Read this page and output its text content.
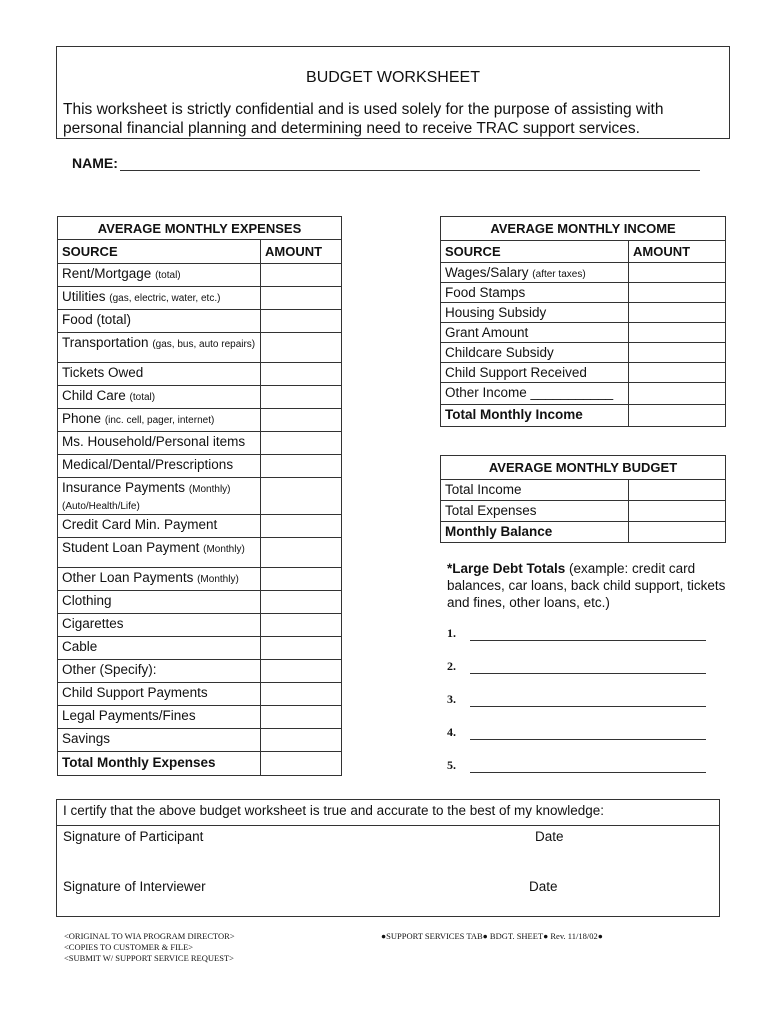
BUDGET WORKSHEET
This worksheet is strictly confidential and is used solely for the purpose of assisting with personal financial planning and determining need to receive TRAC support services.
NAME:
AVERAGE MONTHLY EXPENSES	
SOURCE	AMOUNT
Rent/Mortgage (total)	
Utilities (gas, electric, water, etc.)	
Food (total)	
Transportation (gas, bus, auto repairs)	
Tickets Owed	
Child Care (total)	
Phone (inc. cell, pager, internet)	
Ms. Household/Personal items	
Medical/Dental/Prescriptions	
Insurance Payments (Monthly) (Auto/Health/Life)	
Credit Card Min. Payment	
Student Loan Payment (Monthly)	
Other Loan Payments (Monthly)	
Clothing	
Cigarettes	
Cable	
Other (Specify):	
Child Support Payments	
Legal Payments/Fines	
Savings	
Total Monthly Expenses	
AVERAGE MONTHLY INCOME	
SOURCE	AMOUNT
Wages/Salary (after taxes)	
Food Stamps	
Housing Subsidy	
Grant Amount	
Childcare Subsidy	
Child Support Received	
Other Income ___________	
Total Monthly Income	
AVERAGE MONTHLY BUDGET	
Total Income	
Total Expenses	
Monthly Balance	
*Large Debt Totals (example: credit card balances, car loans, back child support, tickets and fines, other loans, etc.)
1.
2.
3.
4.
5.
I certify that the above budget worksheet is true and accurate to the best of my knowledge:
Signature of Participant	Date
Signature of Interviewer	Date
<ORIGINAL TO WIA PROGRAM DIRECTOR>
<COPIES TO CUSTOMER & FILE>
<SUBMIT W/ SUPPORT SERVICE REQUEST>
●SUPPORT SERVICES TAB● BDGT. SHEET● Rev. 11/18/02●
